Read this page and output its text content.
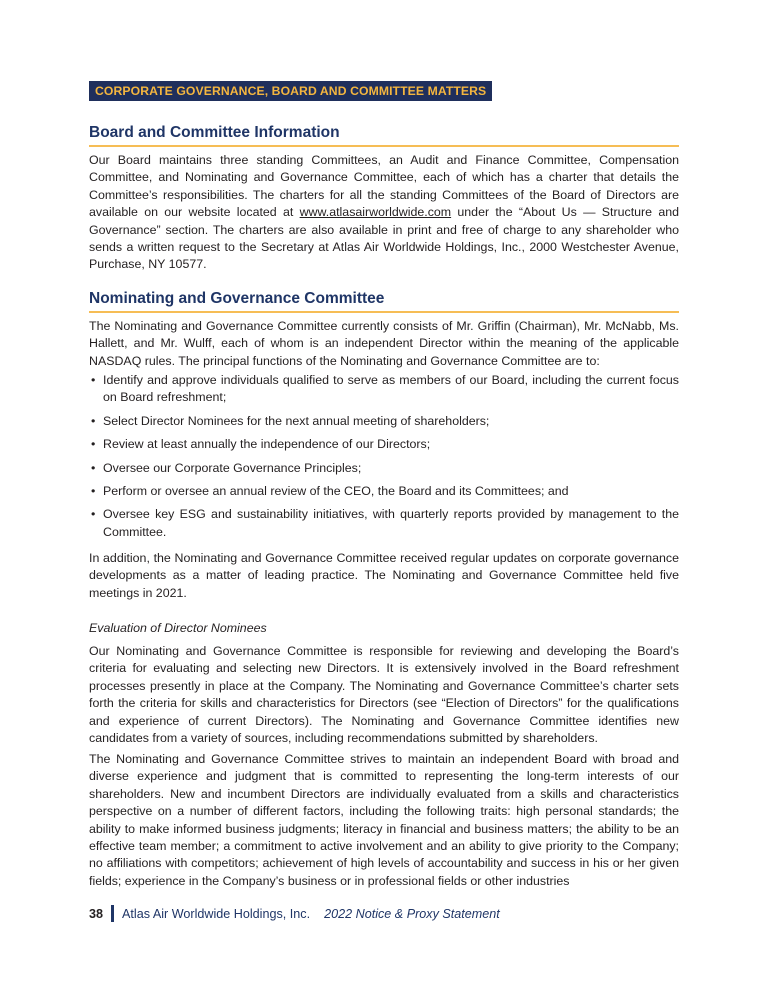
CORPORATE GOVERNANCE, BOARD AND COMMITTEE MATTERS
Board and Committee Information

Our Board maintains three standing Committees, an Audit and Finance Committee, Compensation Committee, and Nominating and Governance Committee, each of which has a charter that details the Committee’s responsibilities. The charters for all the standing Committees of the Board of Directors are available on our website located at www.atlasairworldwide.com under the “About Us — Structure and Governance” section. The charters are also available in print and free of charge to any shareholder who sends a written request to the Secretary at Atlas Air Worldwide Holdings, Inc., 2000 Westchester Avenue, Purchase, NY 10577.

Nominating and Governance Committee

The Nominating and Governance Committee currently consists of Mr. Griffin (Chairman), Mr. McNabb, Ms. Hallett, and Mr. Wulff, each of whom is an independent Director within the meaning of the applicable NASDAQ rules. The principal functions of the Nominating and Governance Committee are to:

• Identify and approve individuals qualified to serve as members of our Board, including the current focus on Board refreshment;
• Select Director Nominees for the next annual meeting of shareholders;
• Review at least annually the independence of our Directors;
• Oversee our Corporate Governance Principles;
• Perform or oversee an annual review of the CEO, the Board and its Committees; and
• Oversee key ESG and sustainability initiatives, with quarterly reports provided by management to the Committee.

In addition, the Nominating and Governance Committee received regular updates on corporate governance developments as a matter of leading practice. The Nominating and Governance Committee held five meetings in 2021.

Evaluation of Director Nominees

Our Nominating and Governance Committee is responsible for reviewing and developing the Board’s criteria for evaluating and selecting new Directors. It is extensively involved in the Board refreshment processes presently in place at the Company. The Nominating and Governance Committee’s charter sets forth the criteria for skills and characteristics for Directors (see “Election of Directors” for the qualifications and experience of current Directors). The Nominating and Governance Committee identifies new candidates from a variety of sources, including recommendations submitted by shareholders.

The Nominating and Governance Committee strives to maintain an independent Board with broad and diverse experience and judgment that is committed to representing the long-term interests of our shareholders. New and incumbent Directors are individually evaluated from a skills and characteristics perspective on a number of different factors, including the following traits: high personal standards; the ability to make informed business judgments; literacy in financial and business matters; the ability to be an effective team member; a commitment to active involvement and an ability to give priority to the Company; no affiliations with competitors; achievement of high levels of accountability and success in his or her given fields; experience in the Company’s business or in professional fields or other industries

38 Atlas Air Worldwide Holdings, Inc. 2022 Notice & Proxy Statement
